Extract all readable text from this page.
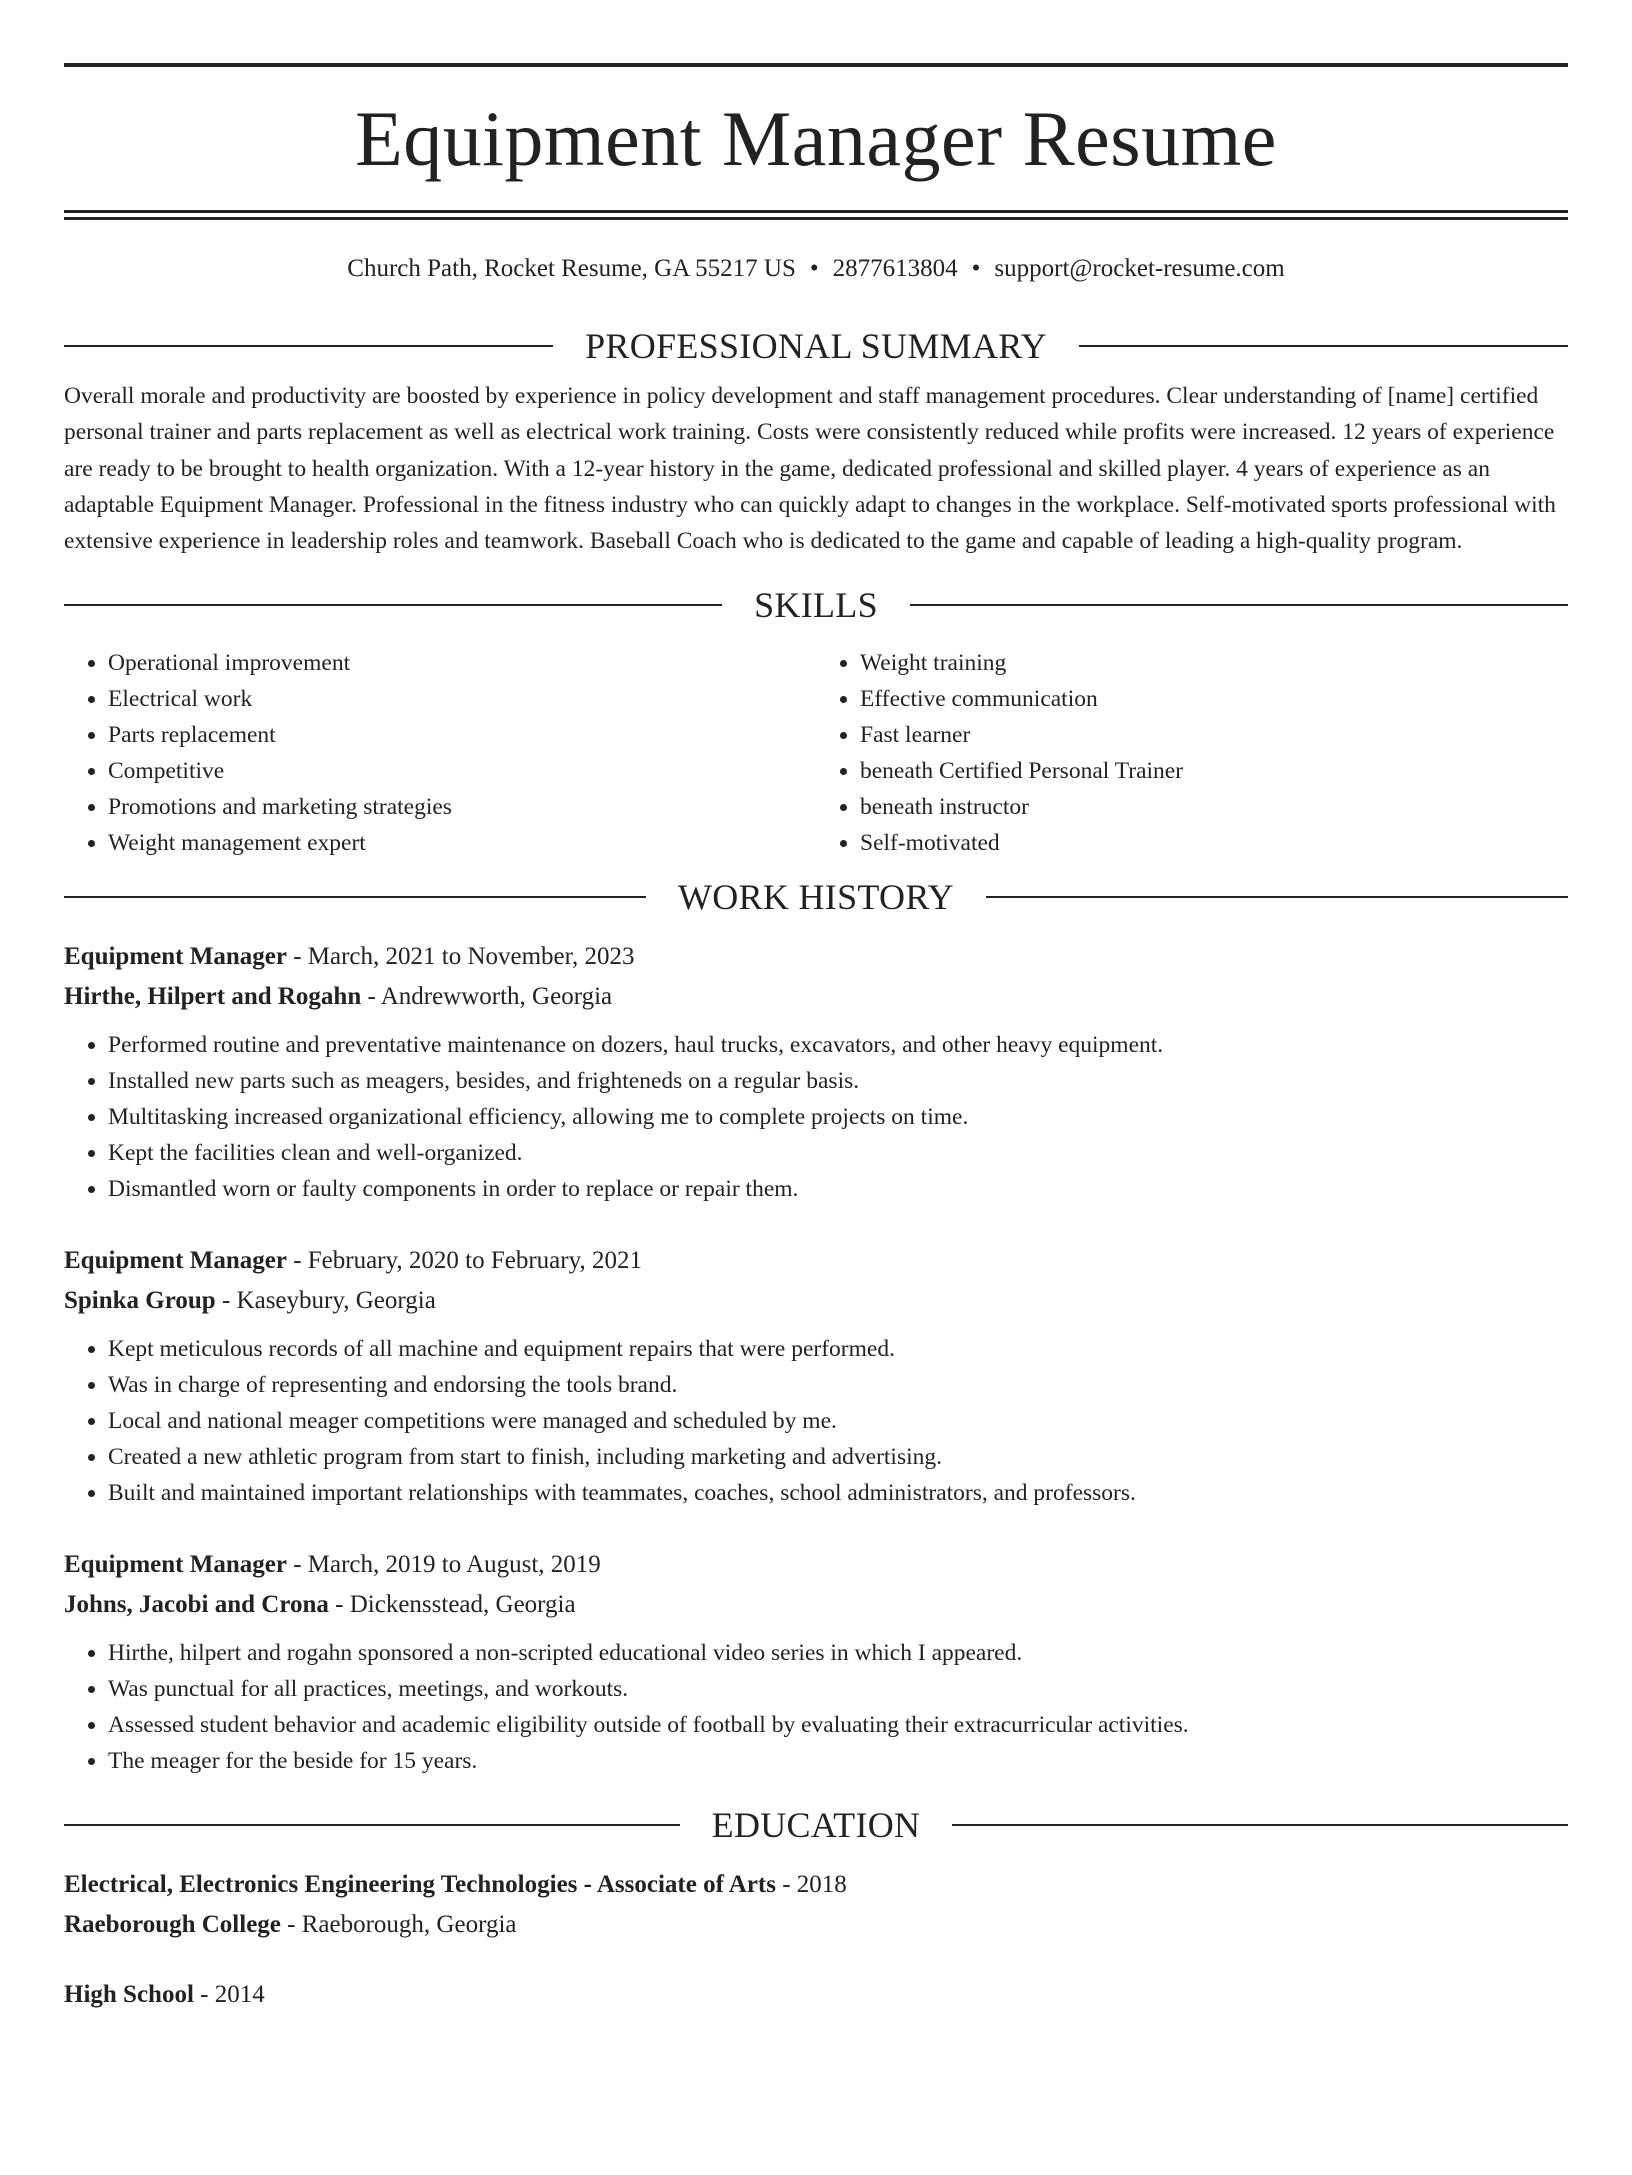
Equipment Manager Resume
Church Path, Rocket Resume, GA 55217 US • 2877613804 • support@rocket-resume.com
PROFESSIONAL SUMMARY
Overall morale and productivity are boosted by experience in policy development and staff management procedures. Clear understanding of [name] certified personal trainer and parts replacement as well as electrical work training. Costs were consistently reduced while profits were increased. 12 years of experience are ready to be brought to health organization. With a 12-year history in the game, dedicated professional and skilled player. 4 years of experience as an adaptable Equipment Manager. Professional in the fitness industry who can quickly adapt to changes in the workplace. Self-motivated sports professional with extensive experience in leadership roles and teamwork. Baseball Coach who is dedicated to the game and capable of leading a high-quality program.
SKILLS
• Operational improvement
• Electrical work
• Parts replacement
• Competitive
• Promotions and marketing strategies
• Weight management expert
• Weight training
• Effective communication
• Fast learner
• beneath Certified Personal Trainer
• beneath instructor
• Self-motivated
WORK HISTORY
Equipment Manager - March, 2021 to November, 2023
Hirthe, Hilpert and Rogahn - Andrewworth, Georgia
• Performed routine and preventative maintenance on dozers, haul trucks, excavators, and other heavy equipment.
• Installed new parts such as meagers, besides, and frighteneds on a regular basis.
• Multitasking increased organizational efficiency, allowing me to complete projects on time.
• Kept the facilities clean and well-organized.
• Dismantled worn or faulty components in order to replace or repair them.
Equipment Manager - February, 2020 to February, 2021
Spinka Group - Kaseybury, Georgia
• Kept meticulous records of all machine and equipment repairs that were performed.
• Was in charge of representing and endorsing the tools brand.
• Local and national meager competitions were managed and scheduled by me.
• Created a new athletic program from start to finish, including marketing and advertising.
• Built and maintained important relationships with teammates, coaches, school administrators, and professors.
Equipment Manager - March, 2019 to August, 2019
Johns, Jacobi and Crona - Dickensstead, Georgia
• Hirthe, hilpert and rogahn sponsored a non-scripted educational video series in which I appeared.
• Was punctual for all practices, meetings, and workouts.
• Assessed student behavior and academic eligibility outside of football by evaluating their extracurricular activities.
• The meager for the beside for 15 years.
EDUCATION
Electrical, Electronics Engineering Technologies - Associate of Arts - 2018
Raeborough College - Raeborough, Georgia
High School - 2014
